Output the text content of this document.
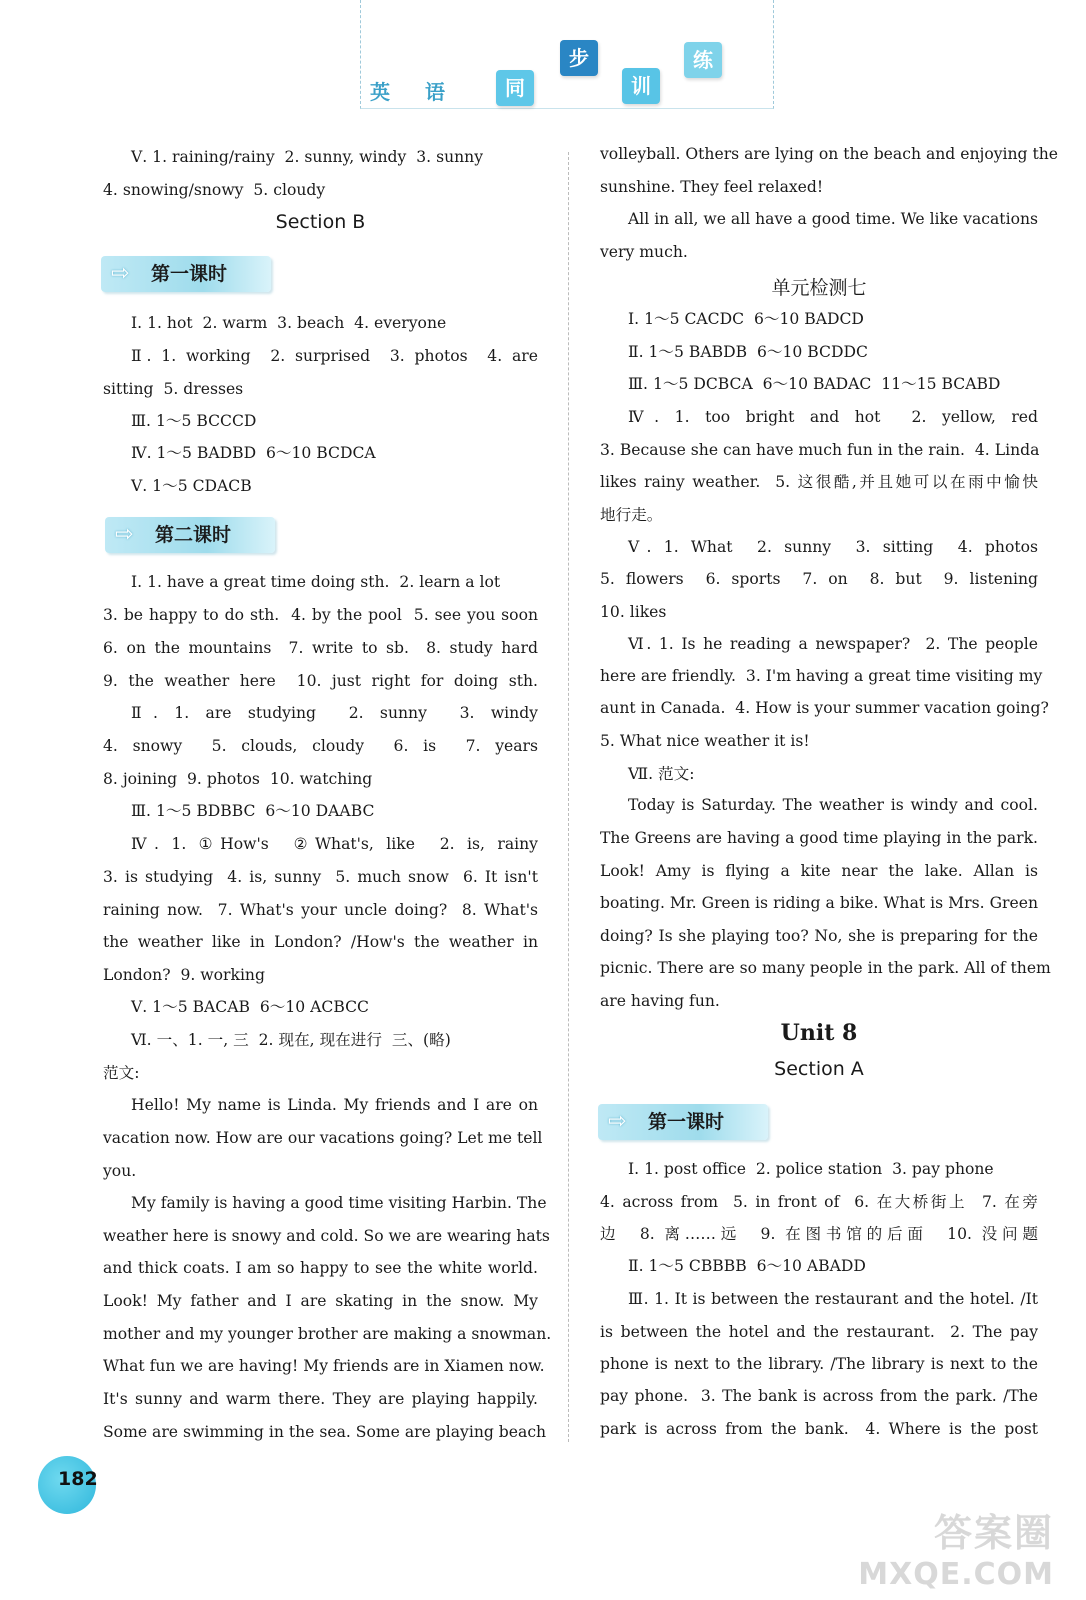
英 语	同
步
训
练
Ⅴ. 1. raining/rainy  2. sunny, windy  3. sunny
4. snowing/snowy  5. cloudy
Section B
⇨	第一课时
Ⅰ. 1. hot  2. warm  3. beach  4. everyone
Ⅱ. 1. working  2. surprised  3. photos  4. are
sitting  5. dresses
Ⅲ. 1～5 BCCCD
Ⅳ. 1～5 BADBD  6～10 BCDCA
Ⅴ. 1～5 CDACB
⇨	第二课时
Ⅰ. 1. have a great time doing sth.  2. learn a lot
3. be happy to do sth.  4. by the pool  5. see you soon
6. on the mountains  7. write to sb.  8. study hard
9. the weather here  10. just right for doing sth.
Ⅱ. 1. are studying  2. sunny  3. windy
4. snowy  5. clouds, cloudy  6. is  7. years
8. joining  9. photos  10. watching
Ⅲ. 1～5 BDBBC  6～10 DAABC
Ⅳ. 1. ①How's  ②What's, like  2. is, rainy
3. is studying  4. is, sunny  5. much snow  6. It isn't
raining now.  7. What's your uncle doing?  8. What's
the weather like in London? /How's the weather in
London?  9. working
Ⅴ. 1～5 BACAB  6～10 ACBCC
Ⅵ. 一、1. 一, 三  2. 现在, 现在进行  三、(略)
范文:
Hello! My name is Linda. My friends and I are on
vacation now. How are our vacations going? Let me tell
you.
My family is having a good time visiting Harbin. The
weather here is snowy and cold. So we are wearing hats
and thick coats. I am so happy to see the white world.
Look! My father and I are skating in the snow. My
mother and my younger brother are making a snowman.
What fun we are having! My friends are in Xiamen now.
It's sunny and warm there. They are playing happily.
Some are swimming in the sea. Some are playing beach
volleyball. Others are lying on the beach and enjoying the
sunshine. They feel relaxed!
All in all, we all have a good time. We like vacations
very much.
单元检测七
Ⅰ. 1～5 CACDC  6～10 BADCD
Ⅱ. 1～5 BABDB  6～10 BCDDC
Ⅲ. 1～5 DCBCA  6～10 BADAC  11～15 BCABD
Ⅳ. 1. too bright and hot  2. yellow, red
3. Because she can have much fun in the rain.  4. Linda
likes rainy weather.  5. 这很酷,并且她可以在雨中愉快
地行走。
Ⅴ. 1. What  2. sunny  3. sitting  4. photos
5. flowers  6. sports  7. on  8. but  9. listening
10. likes
Ⅵ. 1. Is he reading a newspaper?  2. The people
here are friendly.  3. I'm having a great time visiting my
aunt in Canada.  4. How is your summer vacation going?
5. What nice weather it is!
Ⅶ. 范文:
Today is Saturday. The weather is windy and cool.
The Greens are having a good time playing in the park.
Look! Amy is flying a kite near the lake. Allan is
boating. Mr. Green is riding a bike. What is Mrs. Green
doing? Is she playing too? No, she is preparing for the
picnic. There are so many people in the park. All of them
are having fun.
Unit 8
Section A
⇨	第一课时
Ⅰ. 1. post office  2. police station  3. pay phone
4. across from  5. in front of  6. 在大桥街上  7. 在旁
边  8. 离……远  9. 在图书馆的后面  10. 没问题
Ⅱ. 1～5 CBBBB  6～10 ABADD
Ⅲ. 1. It is between the restaurant and the hotel. /It
is between the hotel and the restaurant.  2. The pay
phone is next to the library. /The library is next to the
pay phone.  3. The bank is across from the park. /The
park is across from the bank.  4. Where is the post
182
答案圈
MXQE.COM
